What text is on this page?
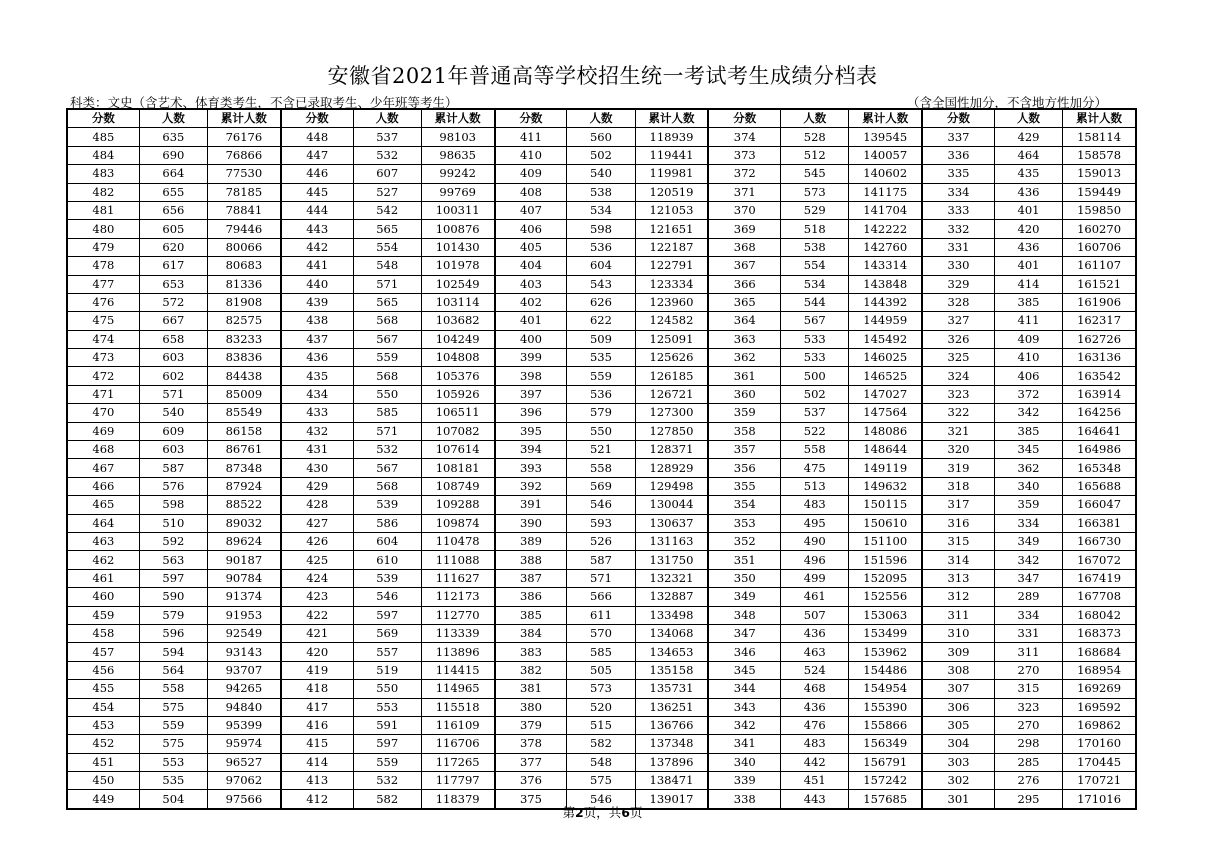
安徽省2021年普通高等学校招生统一考试考生成绩分档表
科类：文史（含艺术、体育类考生，不含已录取考生、少年班等考生）	（含全国性加分，不含地方性加分）
分数	人数	累计人数	分数	人数	累计人数	分数	人数	累计人数	分数	人数	累计人数	分数	人数	累计人数
485	635	76176	448	537	98103	411	560	118939	374	528	139545	337	429	158114
484	690	76866	447	532	98635	410	502	119441	373	512	140057	336	464	158578
483	664	77530	446	607	99242	409	540	119981	372	545	140602	335	435	159013
482	655	78185	445	527	99769	408	538	120519	371	573	141175	334	436	159449
481	656	78841	444	542	100311	407	534	121053	370	529	141704	333	401	159850
480	605	79446	443	565	100876	406	598	121651	369	518	142222	332	420	160270
479	620	80066	442	554	101430	405	536	122187	368	538	142760	331	436	160706
478	617	80683	441	548	101978	404	604	122791	367	554	143314	330	401	161107
477	653	81336	440	571	102549	403	543	123334	366	534	143848	329	414	161521
476	572	81908	439	565	103114	402	626	123960	365	544	144392	328	385	161906
475	667	82575	438	568	103682	401	622	124582	364	567	144959	327	411	162317
474	658	83233	437	567	104249	400	509	125091	363	533	145492	326	409	162726
473	603	83836	436	559	104808	399	535	125626	362	533	146025	325	410	163136
472	602	84438	435	568	105376	398	559	126185	361	500	146525	324	406	163542
471	571	85009	434	550	105926	397	536	126721	360	502	147027	323	372	163914
470	540	85549	433	585	106511	396	579	127300	359	537	147564	322	342	164256
469	609	86158	432	571	107082	395	550	127850	358	522	148086	321	385	164641
468	603	86761	431	532	107614	394	521	128371	357	558	148644	320	345	164986
467	587	87348	430	567	108181	393	558	128929	356	475	149119	319	362	165348
466	576	87924	429	568	108749	392	569	129498	355	513	149632	318	340	165688
465	598	88522	428	539	109288	391	546	130044	354	483	150115	317	359	166047
464	510	89032	427	586	109874	390	593	130637	353	495	150610	316	334	166381
463	592	89624	426	604	110478	389	526	131163	352	490	151100	315	349	166730
462	563	90187	425	610	111088	388	587	131750	351	496	151596	314	342	167072
461	597	90784	424	539	111627	387	571	132321	350	499	152095	313	347	167419
460	590	91374	423	546	112173	386	566	132887	349	461	152556	312	289	167708
459	579	91953	422	597	112770	385	611	133498	348	507	153063	311	334	168042
458	596	92549	421	569	113339	384	570	134068	347	436	153499	310	331	168373
457	594	93143	420	557	113896	383	585	134653	346	463	153962	309	311	168684
456	564	93707	419	519	114415	382	505	135158	345	524	154486	308	270	168954
455	558	94265	418	550	114965	381	573	135731	344	468	154954	307	315	169269
454	575	94840	417	553	115518	380	520	136251	343	436	155390	306	323	169592
453	559	95399	416	591	116109	379	515	136766	342	476	155866	305	270	169862
452	575	95974	415	597	116706	378	582	137348	341	483	156349	304	298	170160
451	553	96527	414	559	117265	377	548	137896	340	442	156791	303	285	170445
450	535	97062	413	532	117797	376	575	138471	339	451	157242	302	276	170721
449	504	97566	412	582	118379	375	546	139017	338	443	157685	301	295	171016
第2页，共6页
